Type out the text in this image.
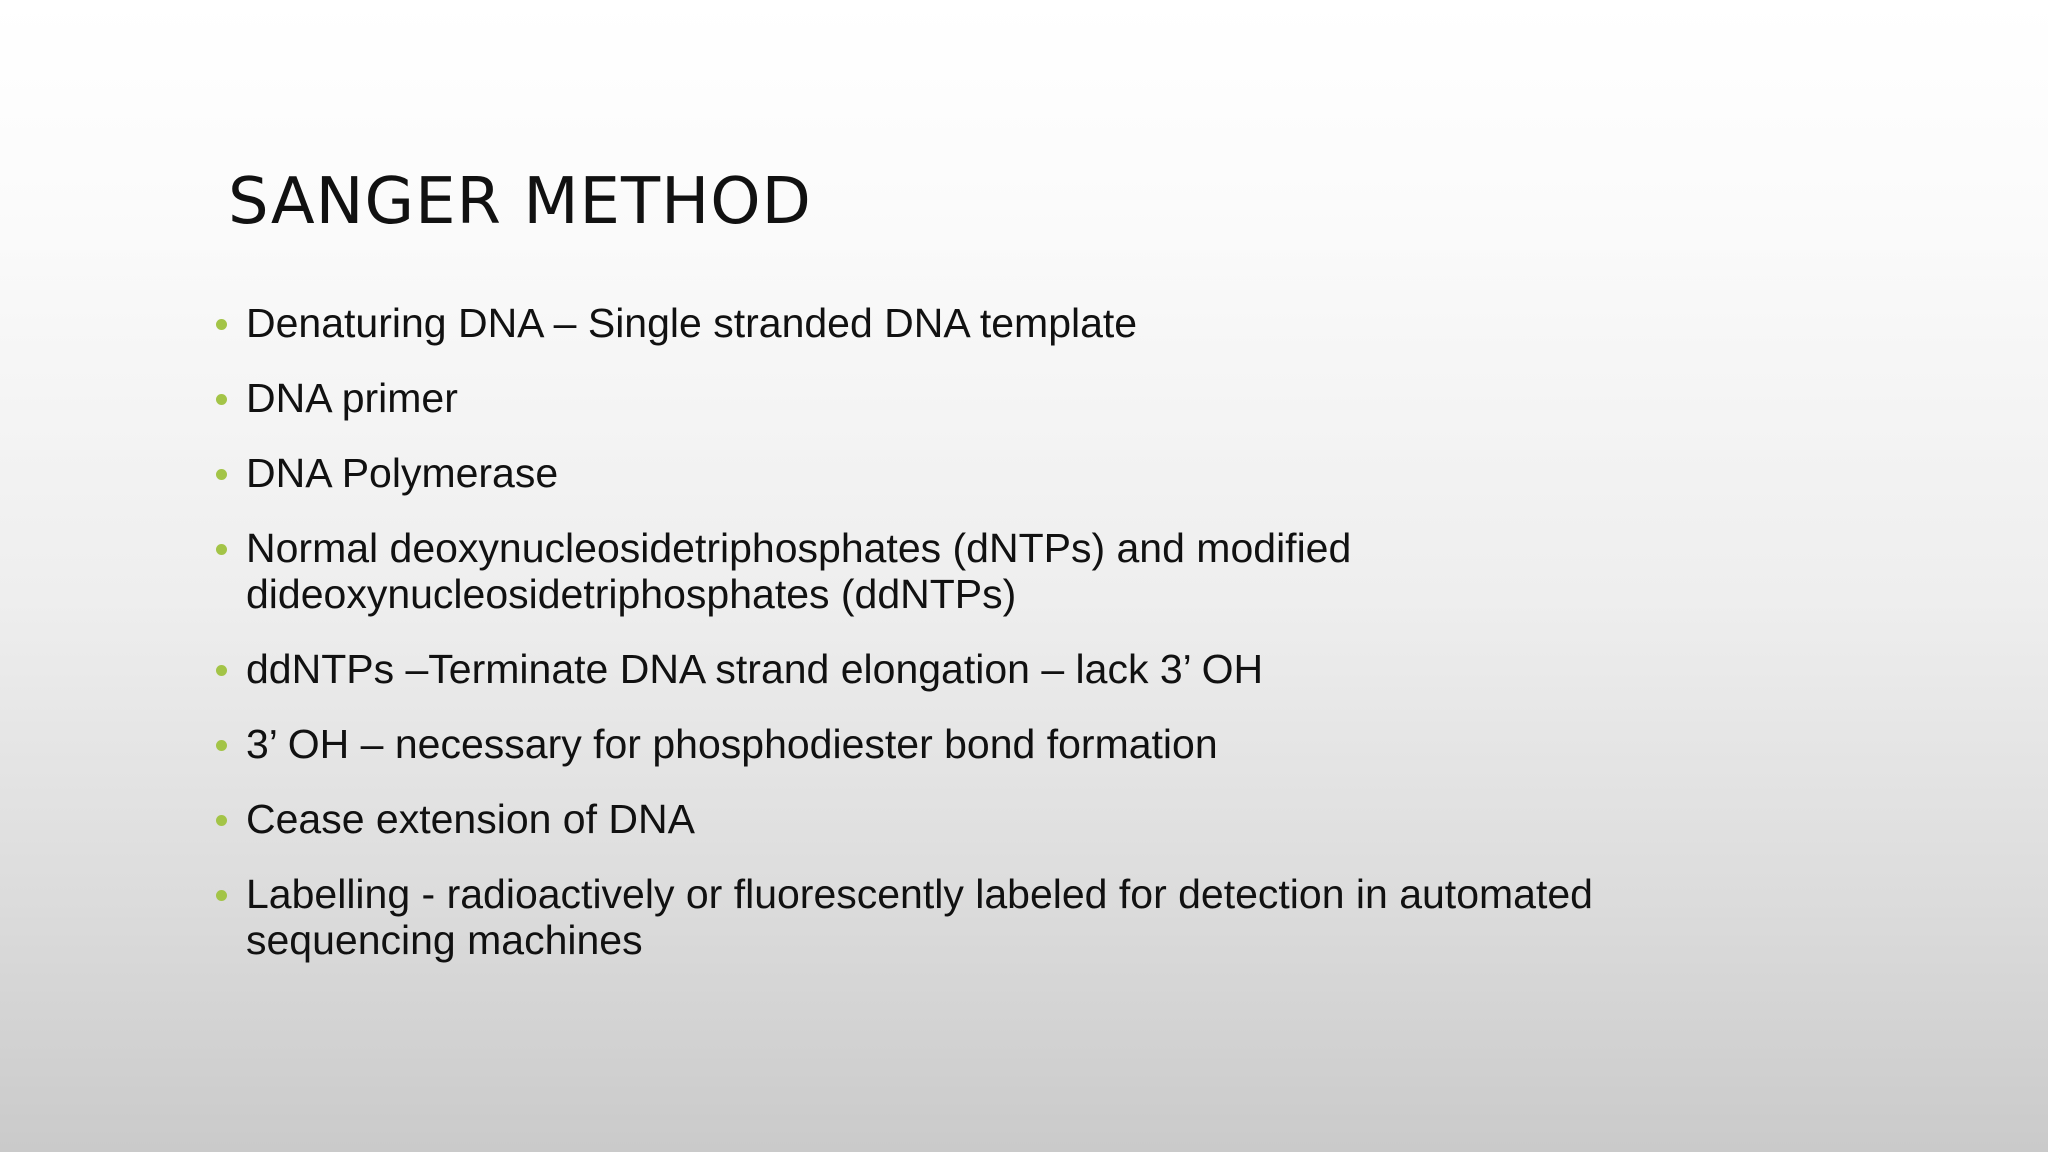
SANGER METHOD
Denaturing DNA – Single stranded DNA template
DNA primer
DNA Polymerase
Normal deoxynucleosidetriphosphates (dNTPs) and modified dideoxynucleosidetriphosphates (ddNTPs)
ddNTPs –Terminate DNA strand elongation – lack 3’ OH
3’ OH – necessary for phosphodiester bond formation
Cease extension of DNA
Labelling - radioactively or fluorescently labeled for detection in automated sequencing machines
